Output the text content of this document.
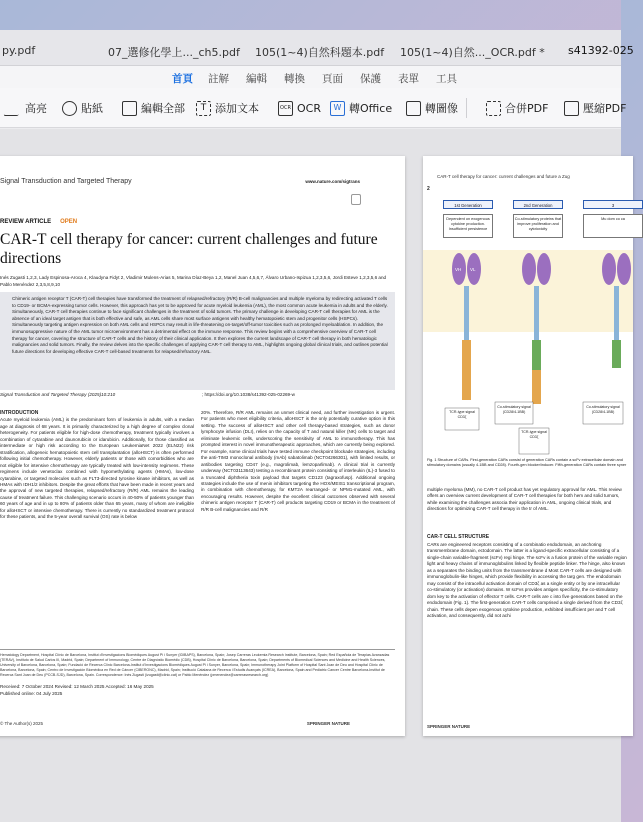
py.pdf	07_選修化學上..._ch5.pdf 105(1~4)自然科題本.pdf 105(1~4)自然..._OCR.pdf * s41392-025
首頁 註解 編輯 轉換 頁面 保護 表單 工具
高亮	貼紙	編輯全部	T 添加文本	OCR OCR	W 轉Office	轉圖像	合併PDF	壓縮PDF
Signal Transduction and Targeted Therapy	www.nature.com/sigtrans
REVIEW ARTICLE OPEN
CAR-T cell therapy for cancer: current challenges and future directions
Inés Zugasti 1,2,3, Lady Espinosa-Aroca 4, Klaudyna Fidyt 2, Vladimir Mulens-Arias 5, Marina Díaz-Beya 1,2, Manel Juan 4,5,6,7, Álvaro Urbano-Ispizua 1,2,3,5,6, Jordi Esteve 1,2,3,5,6 and Pablo Menéndez 2,3,5,8,9,10
Chimeric antigen receptor T (CAR-T) cell therapies have transformed the treatment of relapsed/refractory (R/R) B-cell malignancies and multiple myeloma by redirecting activated T cells to CD19- or BCMA-expressing tumor cells. However, this approach has yet to be approved for acute myeloid leukemia (AML), the most common acute leukemia in adults and the elderly. Simultaneously, CAR-T cell therapies continue to face significant challenges in the treatment of solid tumors. The primary challenge in developing CAR-T cell therapies for AML is the absence of an ideal target antigen that is both effective and safe, as AML cells share most surface antigens with healthy hematopoietic stem and progenitor cells (HSPCs). Simultaneously targeting antigen expression on both AML cells and HSPCs may result in life-threatening on-target/off-tumor toxicities such as prolonged myeloablation. In addition, the immunosuppressive nature of the AML tumor microenvironment has a detrimental effect on the immune response. This review begins with a comprehensive overview of CAR-T cell therapy for cancer, covering the structure of CAR-T cells and the history of their clinical application. It then explores the current landscape of CAR-T cell therapy in both hematologic malignancies and solid tumors. Finally, the review delves into the specific challenges of applying CAR-T cell therapy to AML, highlights ongoing global clinical trials, and outlines potential future directions for developing effective CAR-T cell-based treatments for relapsed/refractory AML.
Signal Transduction and Targeted Therapy (2025)10:210	; https://doi.org/10.1038/s41392-025-02269-w
INTRODUCTION
Acute myeloid leukemia (AML) is the predominant form of leukemia in adults, with a median age at diagnosis of 68 years. It is primarily characterized by a high degree of complex clonal heterogeneity. For patients eligible for high-dose chemotherapy, treatment typically involves a combination of cytarabine and daunorubicin or idarubicin. Additionally, for those classified as intermediate or high risk according to the European LeukemiaNet 2022 (ELN22) risk stratification, allogeneic hematopoietic stem cell transplantation (alloHSCT) is often performed following initial chemotherapy. However, elderly patients or those with comorbidities who are not eligible for intensive chemotherapy are typically treated with low-intensity regimens. These regimens include venetoclax combined with hypomethylating agents (HMAs), low-dose cytarabine, or targeted molecules such as FLT3-directed tyrosine kinase inhibitors, as well as HMAs with IDH1/2 inhibitors. Despite the great efforts that have been made in recent years and the approval of new targeted therapies, relapsed/refractory (R/R) AML remains the leading cause of treatment failure. This challenging scenario occurs in 40-50% of patients younger than 60 years of age and in up to 80% of patients older than 65 years, many of whom are ineligible for alloHSCT or intensive chemotherapy. There is currently no standardized treatment protocol for these patients, and the 5-year overall survival (OS) rate is below
20%. Therefore, R/R AML remains an unmet clinical need, and further investigation is urgent. For patients who meet eligibility criteria, alloHSCT is the only potentially curative option in this setting. The success of alloHSCT and other cell therapy-based strategies, such as donor lymphocyte infusion (DLI), relies on the capacity of T and natural killer (NK) cells to target and eliminate leukemic cells, underscoring the sensitivity of AML to immunotherapy. This has prompted interest in novel immunotherapeutic approaches, which are currently being explored. For example, some clinical trials have tested immune checkpoint blockade strategies, including the anti-TIM3 monoclonal antibody (mAb) sabatolimab (NCT04266301), with limited results, or antibodies targeting CD47 (e.g., magrolimab, lemzoparlimab). A clinical trial is currently underway (NCT03113643) testing a recombinant protein consisting of interleukin (IL)-3 fused to a truncated diphtheria toxin payload that targets CD123 (tagraxofusp). Additional ongoing strategies include the use of menin inhibitors targeting the HOX/MEIS1 transcriptional program, in combination with chemotherapy, for KMT2A rearranged- or NPM1-mutated AML, with encouraging results. However, despite the excellent clinical outcomes observed with several chimeric antigen receptor T (CAR-T) cell products targeting CD19 or BCMA in the treatment of R/R B-cell malignancies and R/R
Hematology Department, Hospital Clínic de Barcelona, Institut d'Investigacions Biomèdiques August Pi i Sunyer (IDIBAPS), Barcelona, Spain; Josep Carreras Leukemia Research Institute, Barcelona, Spain; Red Española de Terapias Avanzadas (TERAV), Instituto de Salud Carlos III, Madrid, Spain; Department of Immunology, Centre de Diagnòstic Biomèdic (CDB), Hospital Clínic de Barcelona, Barcelona, Spain; Departments of Biomedical Sciences and Medicine and Health Sciences, University of Barcelona, Barcelona, Spain; Fundació de Recerca Clínic Barcelona-Institut d'Investigacions Biomèdiques August Pi i Sunyer, Barcelona, Spain; Immunotherapy Joint Platform of Hospital Sant Joan de Deu and Hospital Clínic de Barcelona, Barcelona, Spain; Centro de Investigación Biomédica en Red de Cáncer (CIBERONC), Madrid, Spain; Institució Catalana de Recerca i Estudis Avançats (ICREA), Barcelona, Spain and Pediatric Cancer Centre Barcelona-Institut de Recerca Sant Joan de Deu (PCCB-SJD), Barcelona, Spain. Correspondence: Inés Zugasti (izugasti@clinic.cat) or Pablo Menéndez (pmenendez@carrerasresearch.org)
Received: 7 October 2024 Revised: 12 March 2025 Accepted: 16 May 2025
Published online: 04 July 2025
© The Author(s) 2025	SPRINGER NATURE
CAR-T cell therapy for cancer: current challenges and future a Zug
2
1st Generation	2nd Generation	3
Dependent on exogenous cytokine production. Insufficient persistence
Co-stimulatory proteins that improve proliferation and cytotoxicity
Mu dom co ca
VH VL
TCR-type signal CD3ζ
Co-stimulatory signal (CD28/4-1BB)
Co-stimulatory signal (CD28/4-1BB)
TCR-type signal CD3ζ
Fig. 1 Structure of CARs. First-generation CARs consist of generation CARs contain a scFv extracellular domain and stimulatory domains (usually 4-1BB and CD28). Fourth-gen blocker/inducer. Fifth-generation CARs contain three syner
multiple myeloma (MM), no CAR-T cell product has yet regulatory approval for AML. This review offers an overview current development of CAR-T cell therapies for both hem and solid tumors, while examining the challenges associa their application in AML, ongoing clinical trials, and directions for optimizing CAR-T cell therapy in the tr of AML.
CAR-T CELL STRUCTURE
CARs are engineered receptors consisting of a combinatio endodomain, an anchoring transmembrane domain, ectodomain. The latter is a ligand-specific extracellular consisting of a single-chain variable-fragment (scFv) regi hinge. The scFv is a fusion protein of the variable region light and heavy chains of immunoglobulins linked by flexible peptide linker. The hinge, also known as a separates the binding units from the transmembrane d Most CAR-T cells are designed with immunoglobulin-like hinges, which provide flexibility in accessing the targ gen. The endodomain may consist of the intracellul activation domain of CD3ζ as a single entity or by one intracellular co-stimulatory (or activation) domains. W scFvs provides antigen specificity, the co-stimulatory dom key to the activation of effector T cells. CAR-T cells are c into five generations based on the endodomain (Fig. 1). The first-generation CAR-T cells comprised a single derived from the CD3ζ chain. These cells depen exogenous cytokine production, exhibited insufficient per and T cell activation, and consequently, did not achi
SPRINGER NATURE
